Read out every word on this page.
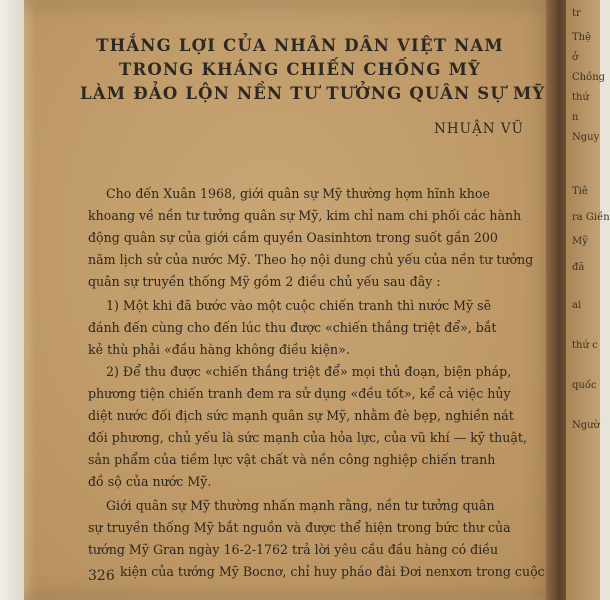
THẮNG LỢI CỦA NHÂN DÂN VIỆT NAM
TRONG KHÁNG CHIẾN CHỐNG MỸ
LÀM ĐẢO LỘN NỀN TƯ TƯỞNG QUÂN SỰ MỸ
NHUẬN VŨ
Cho đến Xuân 1968, giới quân sự Mỹ thường hợm hĩnh khoe
khoang về nền tư tưởng quân sự Mỹ, kim chỉ nam chi phối các hành
động quân sự của giới cầm quyền Oasinhtơn trong suốt gần 200
năm lịch sử của nước Mỹ. Theo họ nội dung chủ yếu của nền tư tưởng
quân sự truyền thống Mỹ gồm 2 điều chủ yếu sau đây :
1) Một khi đã bước vào một cuộc chiến tranh thì nước Mỹ sẽ
đánh đến cùng cho đến lúc thu được «chiến thắng triệt để», bắt
kẻ thù phải «đầu hàng không điều kiện».
2) Để thu được «chiến thắng triệt để» mọi thủ đoạn, biện pháp,
phương tiện chiến tranh đem ra sử dụng «đều tốt», kể cả việc hủy
diệt nước đối địch sức mạnh quân sự Mỹ, nhằm đè bẹp, nghiền nát
đối phương, chủ yếu là sức mạnh của hỏa lực, của vũ khí — kỹ thuật,
sản phẩm của tiềm lực vật chất và nền công nghiệp chiến tranh
đồ sộ của nước Mỹ.
Giới quân sự Mỹ thường nhấn mạnh rằng, nền tư tưởng quân
sự truyền thống Mỹ bắt nguồn và được thể hiện trong bức thư của
tướng Mỹ Gran ngày 16-2-1762 trả lời yêu cầu đầu hàng có điều
kiện của tướng Mỹ Bocnơ, chỉ huy pháo đài Đơi nenxơn trong cuộc
326
tr
Thệ
ở
Chồng
thứ
n
Nguy
Tiê
ra Giền
Mỹ
đã
ai
thứ c
quốc
Ngườ
